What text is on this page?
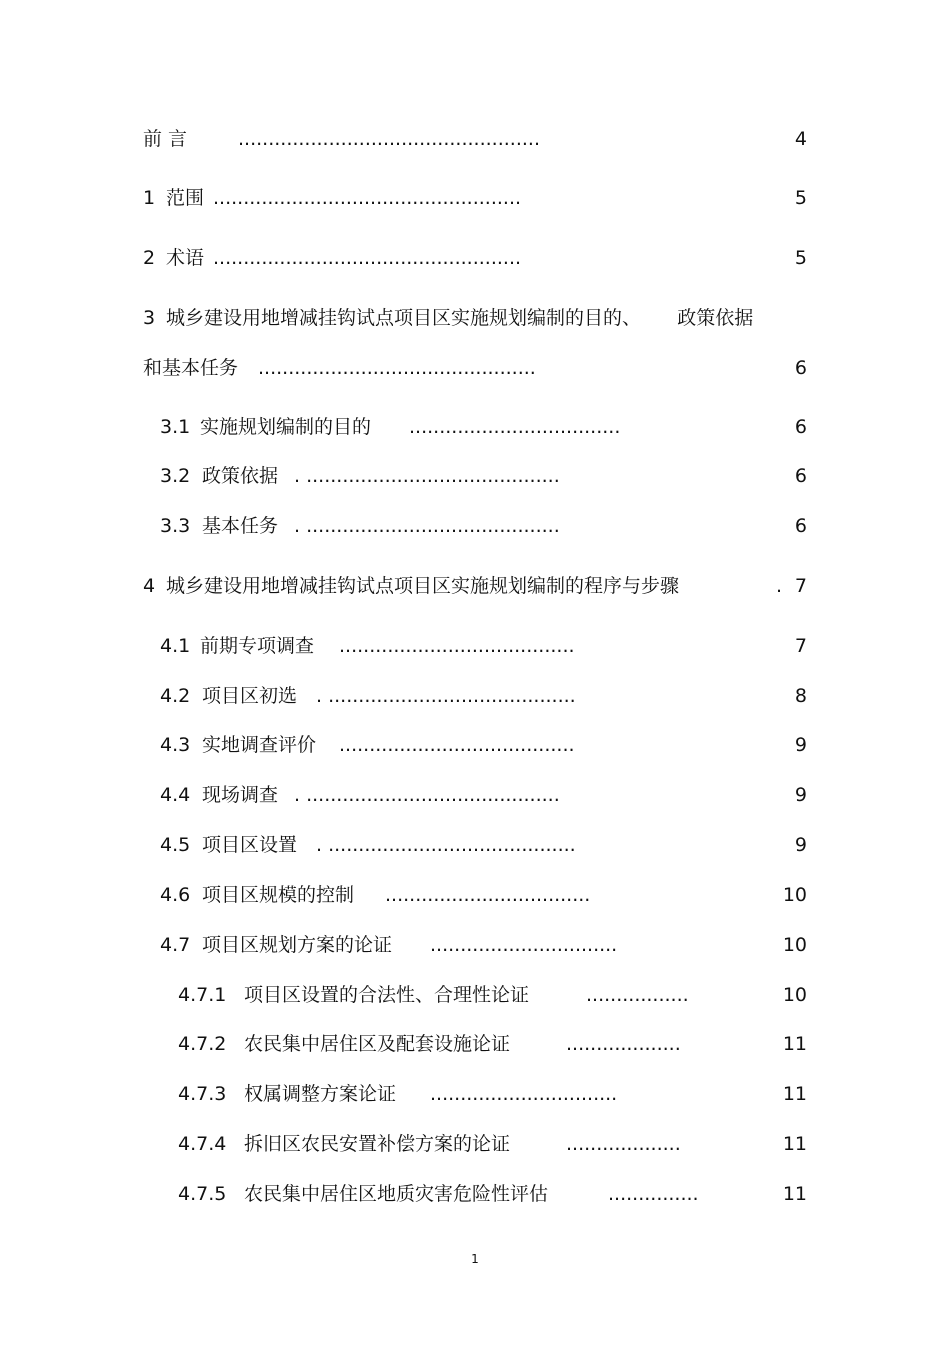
前 言	..................................................	4
1 范围 ...................................................	5
2 术语 ...................................................	5
3 城乡建设用地增减挂钩试点项目区实施规划编制的目的、      政策依据
和基本任务 ..............................................	6
3.1 实施规划编制的目的 ...................................	6
3.2 政策依据 . ..........................................	6
3.3 基本任务 . ..........................................	6
4 城乡建设用地增减挂钩试点项目区实施规划编制的程序与步骤	. 7
4.1 前期专项调查 .......................................	7
4.2 项目区初选 . .........................................	8
4.3 实地调查评价 .......................................	9
4.4 现场调查 . ..........................................	9
4.5 项目区设置 . .........................................	9
4.6 项目区规模的控制 ..................................	10
4.7 项目区规划方案的论证 ...............................	10
4.7.1 项目区设置的合法性、合理性论证	.................	10
4.7.2 农民集中居住区及配套设施论证	...................	11
4.7.3 权属调整方案论证 ...............................	11
4.7.4 拆旧区农民安置补偿方案的论证	...................	11
4.7.5 农民集中居住区地质灾害危险性评估	...............	11
1
